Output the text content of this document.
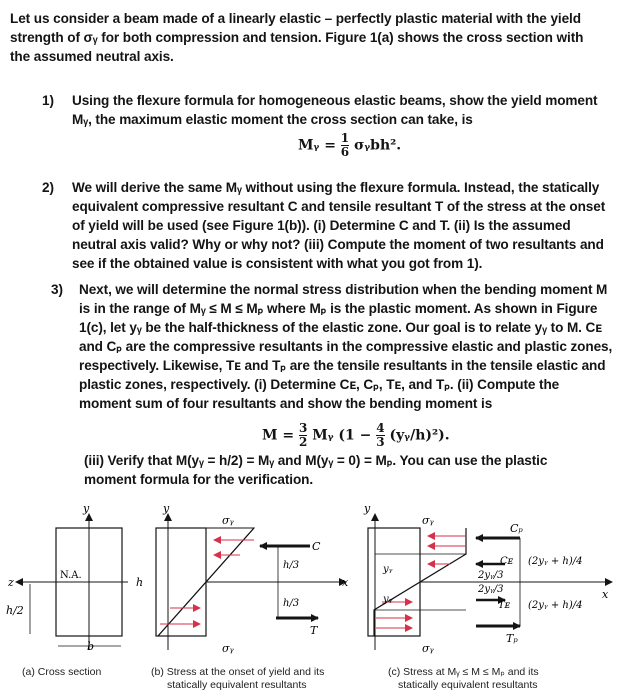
Let us consider a beam made of a linearly elastic – perfectly plastic material with the yield
strength of σᵧ for both compression and tension. Figure 1(a) shows the cross section with
the assumed neutral axis.
1) Using the flexure formula for homogeneous elastic beams, show the yield moment
Mᵧ, the maximum elastic moment the cross section can take, is
Mᵧ = $\frac{1}{6}$ σᵧbh².
2) We will derive the same Mᵧ without using the flexure formula. Instead, the statically
equivalent compressive resultant C and tensile resultant T of the stress at the onset
of yield will be used (see Figure 1(b)). (i) Determine C and T. (ii) Is the assumed
neutral axis valid? Why or why not? (iii) Compute the moment of two resultants and
see if the obtained value is consistent with what you got from 1).
3) Next, we will determine the normal stress distribution when the bending moment M
is in the range of Mᵧ ≤ M ≤ Mₚ where Mₚ is the plastic moment. As shown in Figure
1(c), let yᵧ be the half-thickness of the elastic zone. Our goal is to relate yᵧ to M. Cᴇ
and Cₚ are the compressive resultants in the compressive elastic and plastic zones,
respectively. Likewise, Tᴇ and Tₚ are the tensile resultants in the tensile elastic and
plastic zones, respectively. (i) Determine Cᴇ, Cₚ, Tᴇ, and Tₚ. (ii) Compute the
moment sum of four resultants and show the bending moment is
$M = \frac{3}{2}$ Mᵧ ($1 - \frac{4}{3}$ (yᵧ/h)²).
(iii) Verify that M(yᵧ = h/2) = Mᵧ and M(yᵧ = 0) = Mₚ. You can use the plastic
moment formula for the verification.
y
z
N.A.
h
h/2
b
y
x
σᵧ
σᵧ
C
T
h/3
h/3
y
x
σᵧ
σᵧ
Cₚ
Cᴇ
Tᴇ
Tₚ
yᵧ
yᵧ
2yᵧ/3
2yᵧ/3
(2yᵧ + h)/4
(2yᵧ + h)/4
(a) Cross section	(b) Stress at the onset of yield and its
statically equivalent resultants
(c) Stress at Mᵧ ≤ M ≤ Mₚ and its
statically equivalent resultants
